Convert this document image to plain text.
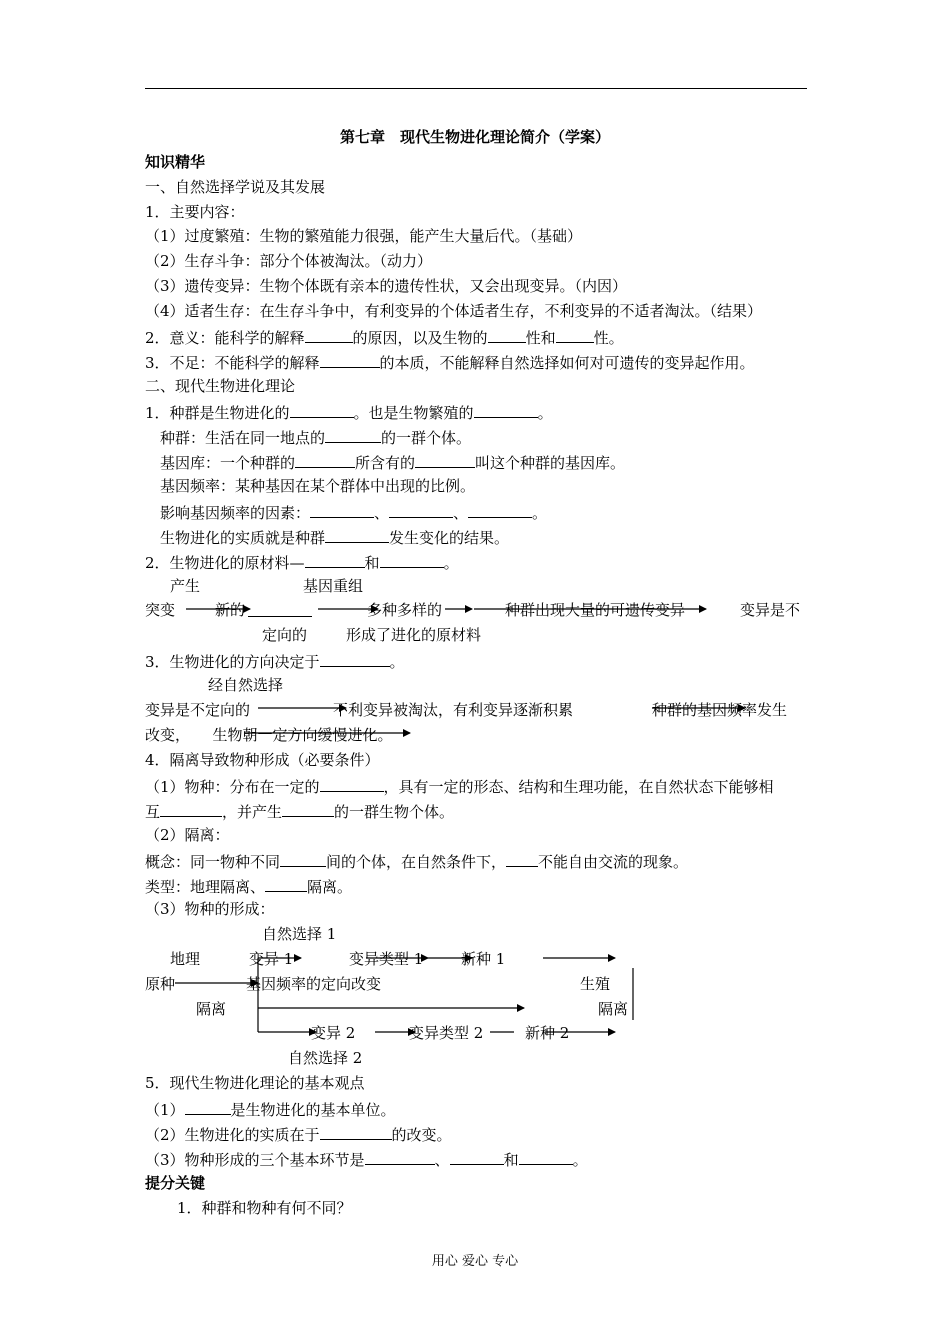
第七章　现代生物进化理论简介（学案）
知识精华
一、自然选择学说及其发展
1．主要内容：
（1）过度繁殖：生物的繁殖能力很强，能产生大量后代。（基础）
（2）生存斗争：部分个体被淘汰。（动力）
（3）遗传变异：生物个体既有亲本的遗传性状，又会出现变异。（内因）
（4）适者生存：在生存斗争中，有利变异的个体适者生存，不利变异的不适者淘汰。（结果）
2．意义：能科学的解释	的原因，以及生物的	性和	性。
3．不足：不能科学的解释	的本质，不能解释自然选择如何对可遗传的变异起作用。
二、现代生物进化理论
1．种群是生物进化的	。也是生物繁殖的	。
种群：生活在同一地点的	的一群个体。
基因库：一个种群的	所含有的	叫这个种群的基因库。
基因频率：某种基因在某个群体中出现的比例。
影响基因频率的因素：	、	、	。
生物进化的实质就是种群	发生变化的结果。
2．生物进化的原材料—	和	。
产生	基因重组
突变	新的	多种多样的	种群出现大量的可遗传变异	变异是不
定向的	形成了进化的原材料
3．生物进化的方向决定于	。
经自然选择
变异是不定向的	不利变异被淘汰，有利变异逐渐积累	种群的基因频率发生
改变，　　生物朝一定方向缓慢进化。
4．隔离导致物种形成（必要条件）
（1）物种：分布在一定的	，具有一定的形态、结构和生理功能，在自然状态下能够相
互	，并产生	的一群生物个体。
（2）隔离：
概念：同一物种不同	间的个体，在自然条件下， 不能自由交流的现象。
类型：地理隔离、	隔离。
（3）物种的形成：
自然选择 1
地理	变异 1	变异类型 1	新种 1
原种	基因频率的定向改变	生殖
隔离	隔离
变异 2	变异类型 2	新种 2
自然选择 2
5．现代生物进化理论的基本观点
（1）	是生物进化的基本单位。
（2）生物进化的实质在于	的改变。
（3）物种形成的三个基本环节是	、	和	。
提分关键
1．种群和物种有何不同？
用心 爱心 专心
